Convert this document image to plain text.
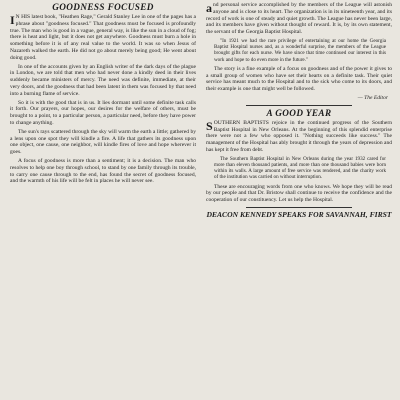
GOODNESS FOCUSED

IN HIS latest book, "Heathen Rage," Gerald Stanley Lee in one of the pages has a phrase about "goodness focused." That goodness must be focused is profoundly true. The man who is good in a vague, general way, is like the sun in a cloud of fog; there is heat and light, but it does not get anywhere. Goodness must burn a hole in something before it is of any real value to the world. It was so when Jesus of Nazareth walked the earth. He did not go about merely being good; He went about doing good.

In one of the accounts given by an English writer of the dark days of the plague in London, we are told that men who had never done a kindly deed in their lives suddenly became ministers of mercy. The need was definite, immediate, at their very doors, and the goodness that had been latent in them was focused by that need into a burning flame of service.

So it is with the good that is in us. It lies dormant until some definite task calls it forth. Our prayers, our hopes, our desires for the welfare of others, must be brought to a point, to a particular person, a particular need, before they have power to change anything.

The sun's rays scattered through the sky will warm the earth a little; gathered by a lens upon one spot they will kindle a fire. A life that gathers its goodness upon one object, one cause, one neighbor, will kindle fires of love and hope wherever it goes.

A focus of goodness is more than a sentiment; it is a decision. The man who resolves to help one boy through school, to stand by one family through its trouble, to carry one cause through to the end, has found the secret of goodness focused, and the warmth of his life will be felt in places he will never see.

and personal service accomplished by the members of the League will astonish anyone and is close to its heart. The organization is in its nineteenth year, and its record of work is one of steady and quiet growth. The League has never been large, and its members have given without thought of reward. It is, by its own statement, the servant of the Georgia Baptist Hospital.

"In 1921 we had the rare privilege of entertaining at our home the Georgia Baptist Hospital nurses and, as a wonderful surprise, the members of the League brought gifts for each nurse. We have since that time continued our interest in this work and hope to do even more in the future."

The story is a fine example of a focus on goodness and of the power it gives to a small group of women who have set their hearts on a definite task. Their quiet service has meant much to the Hospital and to the sick who come to its doors, and their example is one that might well be followed.

— The Editor

A GOOD YEAR

SOUTHERN BAPTISTS rejoice in the continued progress of the Southern Baptist Hospital in New Orleans. At the beginning of this splendid enterprise there were not a few who opposed it. "Nothing succeeds like success." The management of the Hospital has ably brought it through the years of depression and has kept it free from debt.

The Southern Baptist Hospital in New Orleans during the year 1932 cared for more than eleven thousand patients, and more than one thousand babies were born within its walls. A large amount of free service was rendered, and the charity work of the institution was carried on without interruption.

These are encouraging words from one who knows. We hope they will be read by our people and that Dr. Bristow shall continue to receive the confidence and the cooperation of our constituency. Let us help the Hospital.

DEACON KENNEDY SPEAKS FOR SAVANNAH, FIRST
